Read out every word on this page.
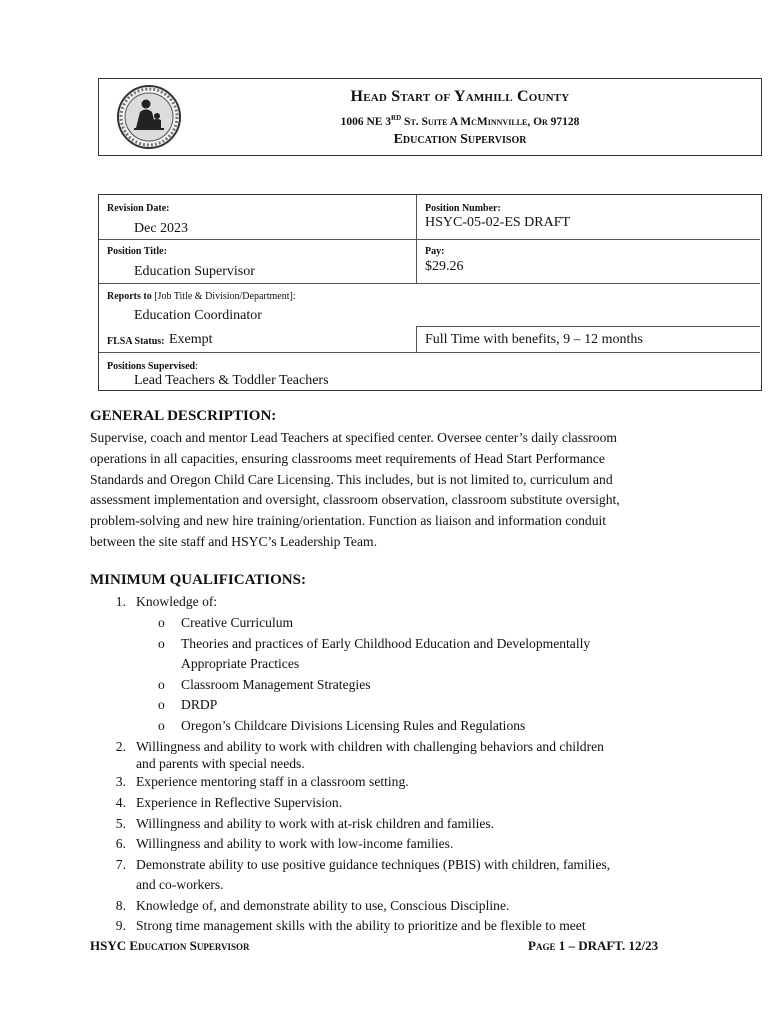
Head Start of Yamhill County
1006 NE 3RD St. Suite A McMinnville, Or 97128
Education Supervisor
Revision Date:
Dec 2023
Position Number:
HSYC-05-02-ES DRAFT
Position Title:
Education Supervisor
Pay:
$29.26
Reports to [Job Title & Division/Department]:
Education Coordinator
FLSA Status: Exempt	Full Time with benefits, 9 – 12 months
Positions Supervised:
Lead Teachers & Toddler Teachers
GENERAL DESCRIPTION:
Supervise, coach and mentor Lead Teachers at specified center. Oversee center’s daily classroom
operations in all capacities, ensuring classrooms meet requirements of Head Start Performance
Standards and Oregon Child Care Licensing. This includes, but is not limited to, curriculum and
assessment implementation and oversight, classroom observation, classroom substitute oversight,
problem-solving and new hire training/orientation. Function as liaison and information conduit
between the site staff and HSYC’s Leadership Team.
MINIMUM QUALIFICATIONS:
1. Knowledge of:
o Creative Curriculum
o Theories and practices of Early Childhood Education and Developmentally
Appropriate Practices
o Classroom Management Strategies
o DRDP
o Oregon’s Childcare Divisions Licensing Rules and Regulations
2. Willingness and ability to work with children with challenging behaviors and children
and parents with special needs.
3. Experience mentoring staff in a classroom setting.
4. Experience in Reflective Supervision.
5. Willingness and ability to work with at-risk children and families.
6. Willingness and ability to work with low-income families.
7. Demonstrate ability to use positive guidance techniques (PBIS) with children, families,
and co-workers.
8. Knowledge of, and demonstrate ability to use, Conscious Discipline.
9. Strong time management skills with the ability to prioritize and be flexible to meet
HSYC Education Supervisor	Page 1 – DRAFT. 12/23
